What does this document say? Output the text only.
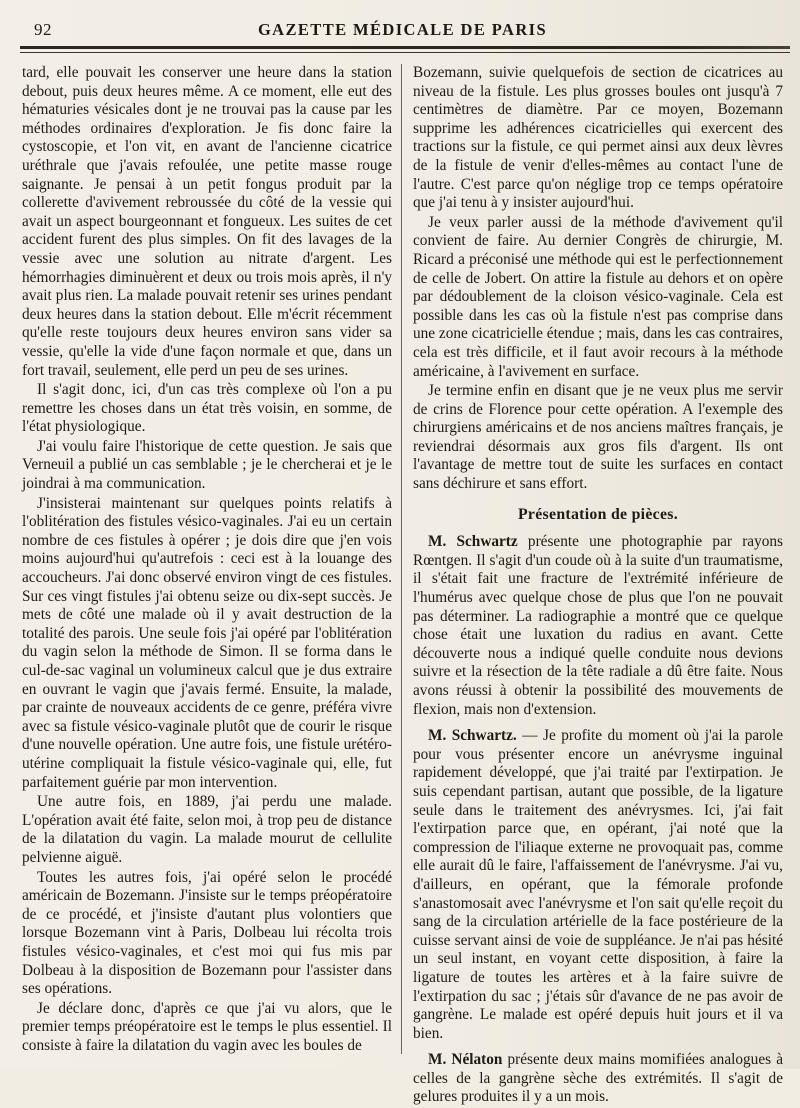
92	GAZETTE MÉDICALE DE PARIS

tard, elle pouvait les conserver une heure dans la station debout, puis deux heures même. A ce moment, elle eut des hématuries vésicales dont je ne trouvai pas la cause par les méthodes ordinaires d'exploration. Je fis donc faire la cystoscopie, et l'on vit, en avant de l'ancienne cicatrice uréthrale que j'avais refoulée, une petite masse rouge saignante. Je pensai à un petit fongus produit par la collerette d'avivement rebroussée du côté de la vessie qui avait un aspect bourgeonnant et fongueux. Les suites de cet accident furent des plus simples. On fit des lavages de la vessie avec une solution au nitrate d'argent. Les hémorrhagies diminuèrent et deux ou trois mois après, il n'y avait plus rien. La malade pouvait retenir ses urines pendant deux heures dans la station debout. Elle m'écrit récemment qu'elle reste toujours deux heures environ sans vider sa vessie, qu'elle la vide d'une façon normale et que, dans un fort travail, seulement, elle perd un peu de ses urines.

Il s'agit donc, ici, d'un cas très complexe où l'on a pu remettre les choses dans un état très voisin, en somme, de l'état physiologique.

J'ai voulu faire l'historique de cette question. Je sais que Verneuil a publié un cas semblable ; je le chercherai et je le joindrai à ma communication.

J'insisterai maintenant sur quelques points relatifs à l'oblitération des fistules vésico-vaginales. J'ai eu un certain nombre de ces fistules à opérer ; je dois dire que j'en vois moins aujourd'hui qu'autrefois : ceci est à la louange des accoucheurs. J'ai donc observé environ vingt de ces fistules. Sur ces vingt fistules j'ai obtenu seize ou dix-sept succès. Je mets de côté une malade où il y avait destruction de la totalité des parois. Une seule fois j'ai opéré par l'oblitération du vagin selon la méthode de Simon. Il se forma dans le cul-de-sac vaginal un volumineux calcul que je dus extraire en ouvrant le vagin que j'avais fermé. Ensuite, la malade, par crainte de nouveaux accidents de ce genre, préféra vivre avec sa fistule vésico-vaginale plutôt que de courir le risque d'une nouvelle opération. Une autre fois, une fistule urétéro-utérine compliquait la fistule vésico-vaginale qui, elle, fut parfaitement guérie par mon intervention.

Une autre fois, en 1889, j'ai perdu une malade. L'opération avait été faite, selon moi, à trop peu de distance de la dilatation du vagin. La malade mourut de cellulite pelvienne aiguë.

Toutes les autres fois, j'ai opéré selon le procédé américain de Bozemann. J'insiste sur le temps préopératoire de ce procédé, et j'insiste d'autant plus volontiers que lorsque Bozemann vint à Paris, Dolbeau lui récolta trois fistules vésico-vaginales, et c'est moi qui fus mis par Dolbeau à la disposition de Bozemann pour l'assister dans ses opérations.

Je déclare donc, d'après ce que j'ai vu alors, que le premier temps préopératoire est le temps le plus essentiel. Il consiste à faire la dilatation du vagin avec les boules de

Bozemann, suivie quelquefois de section de cicatrices au niveau de la fistule. Les plus grosses boules ont jusqu'à 7 centimètres de diamètre. Par ce moyen, Bozemann supprime les adhérences cicatricielles qui exercent des tractions sur la fistule, ce qui permet ainsi aux deux lèvres de la fistule de venir d'elles-mêmes au contact l'une de l'autre. C'est parce qu'on néglige trop ce temps opératoire que j'ai tenu à y insister aujourd'hui.

Je veux parler aussi de la méthode d'avivement qu'il convient de faire. Au dernier Congrès de chirurgie, M. Ricard a préconisé une méthode qui est le perfectionnement de celle de Jobert. On attire la fistule au dehors et on opère par dédoublement de la cloison vésico-vaginale. Cela est possible dans les cas où la fistule n'est pas comprise dans une zone cicatricielle étendue ; mais, dans les cas contraires, cela est très difficile, et il faut avoir recours à la méthode américaine, à l'avivement en surface.

Je termine enfin en disant que je ne veux plus me servir de crins de Florence pour cette opération. A l'exemple des chirurgiens américains et de nos anciens maîtres français, je reviendrai désormais aux gros fils d'argent. Ils ont l'avantage de mettre tout de suite les surfaces en contact sans déchirure et sans effort.

Présentation de pièces.

M. Schwartz présente une photographie par rayons Rœntgen. Il s'agit d'un coude où à la suite d'un traumatisme, il s'était fait une fracture de l'extrémité inférieure de l'humérus avec quelque chose de plus que l'on ne pouvait pas déterminer. La radiographie a montré que ce quelque chose était une luxation du radius en avant. Cette découverte nous a indiqué quelle conduite nous devions suivre et la résection de la tête radiale a dû être faite. Nous avons réussi à obtenir la possibilité des mouvements de flexion, mais non d'extension.

M. Schwartz. — Je profite du moment où j'ai la parole pour vous présenter encore un anévrysme inguinal rapidement développé, que j'ai traité par l'extirpation. Je suis cependant partisan, autant que possible, de la ligature seule dans le traitement des anévrysmes. Ici, j'ai fait l'extirpation parce que, en opérant, j'ai noté que la compression de l'iliaque externe ne provoquait pas, comme elle aurait dû le faire, l'affaissement de l'anévrysme. J'ai vu, d'ailleurs, en opérant, que la fémorale profonde s'anastomosait avec l'anévrysme et l'on sait qu'elle reçoit du sang de la circulation artérielle de la face postérieure de la cuisse servant ainsi de voie de suppléance. Je n'ai pas hésité un seul instant, en voyant cette disposition, à faire la ligature de toutes les artères et à la faire suivre de l'extirpation du sac ; j'étais sûr d'avance de ne pas avoir de gangrène. Le malade est opéré depuis huit jours et il va bien.

M. Nélaton présente deux mains momifiées analogues à celles de la gangrène sèche des extrémités. Il s'agit de gelures produites il y a un mois.
